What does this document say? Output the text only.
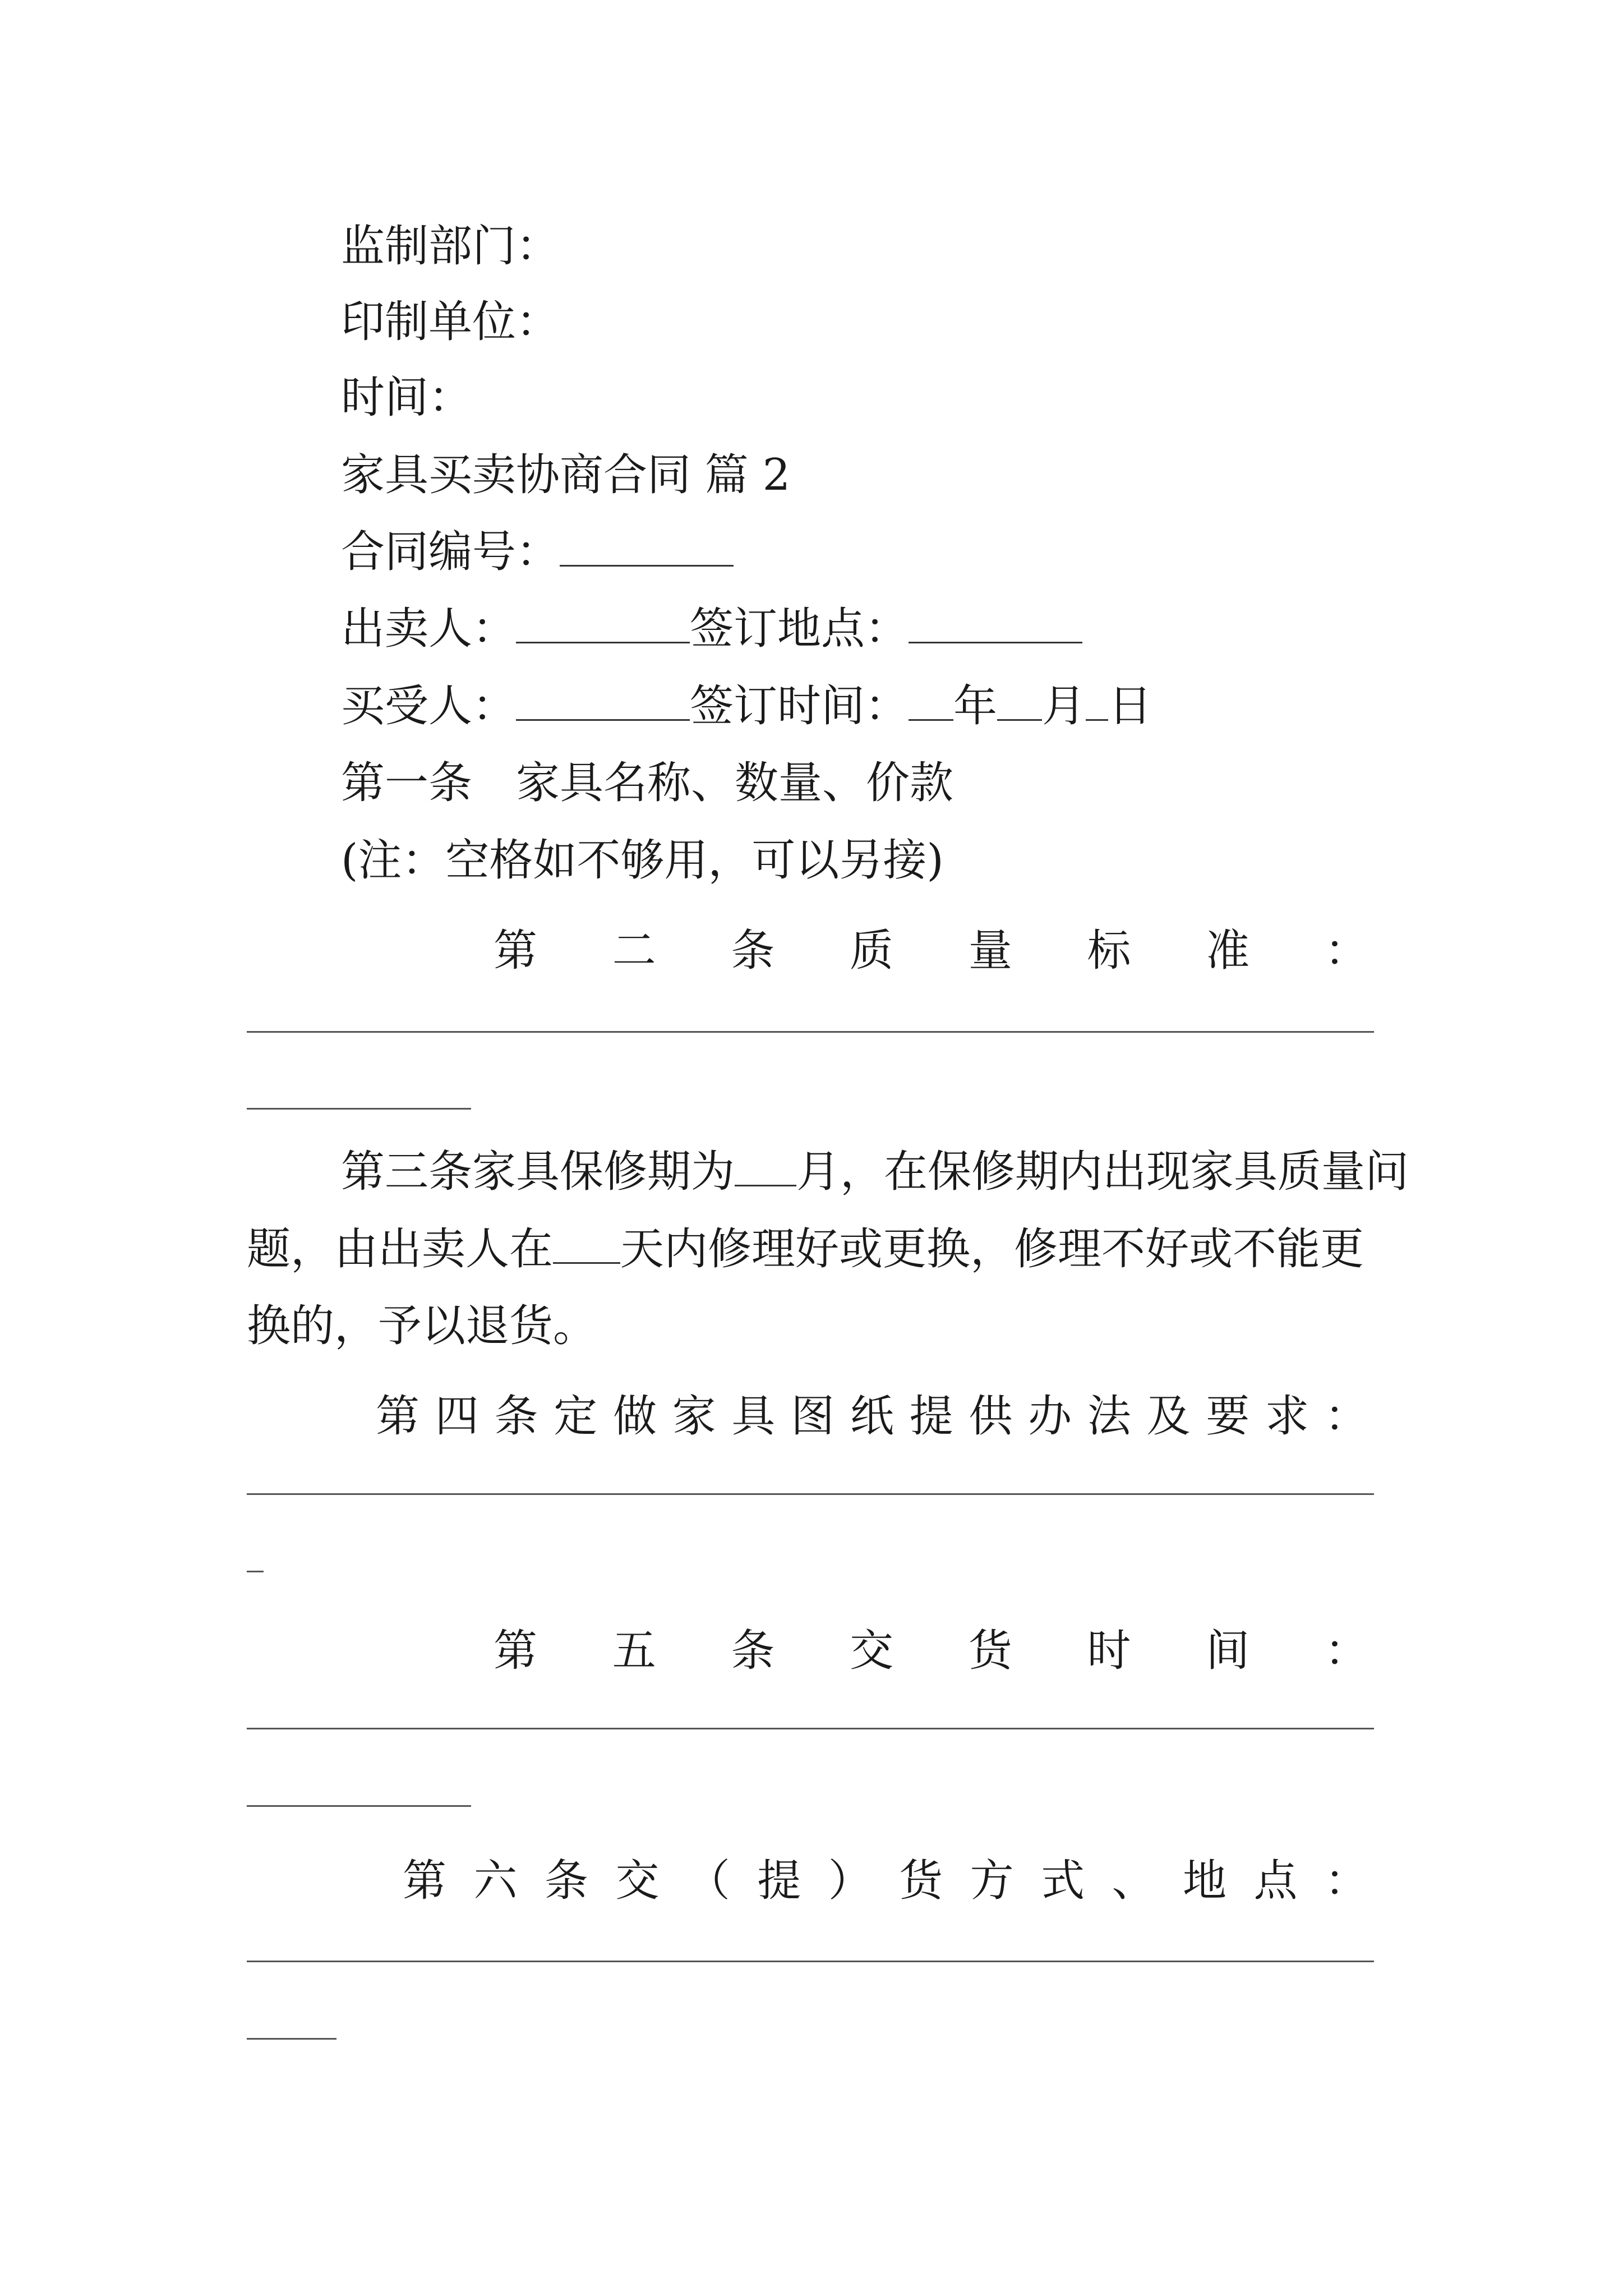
监制部门：
印制单位：
时间：
家具买卖协商合同 篇 2
合同编号：
出卖人：	签订地点：
买受人：	签订时间： 年 月 日
第一条　家具名称、数量、价款
(注：空格如不够用，可以另接)
第 二 条 质 量 标 准 ：
第三条家具保修期为 月，在保修期内出现家具质量问
题，由出卖人在 天内修理好或更换，修理不好或不能更
换的，予以退货。
第 四 条 定 做 家 具 图 纸 提 供 办 法 及 要 求 ：
第 五 条 交 货 时 间 ：
第 六 条 交 （ 提 ） 货 方 式 、 地 点 ：
